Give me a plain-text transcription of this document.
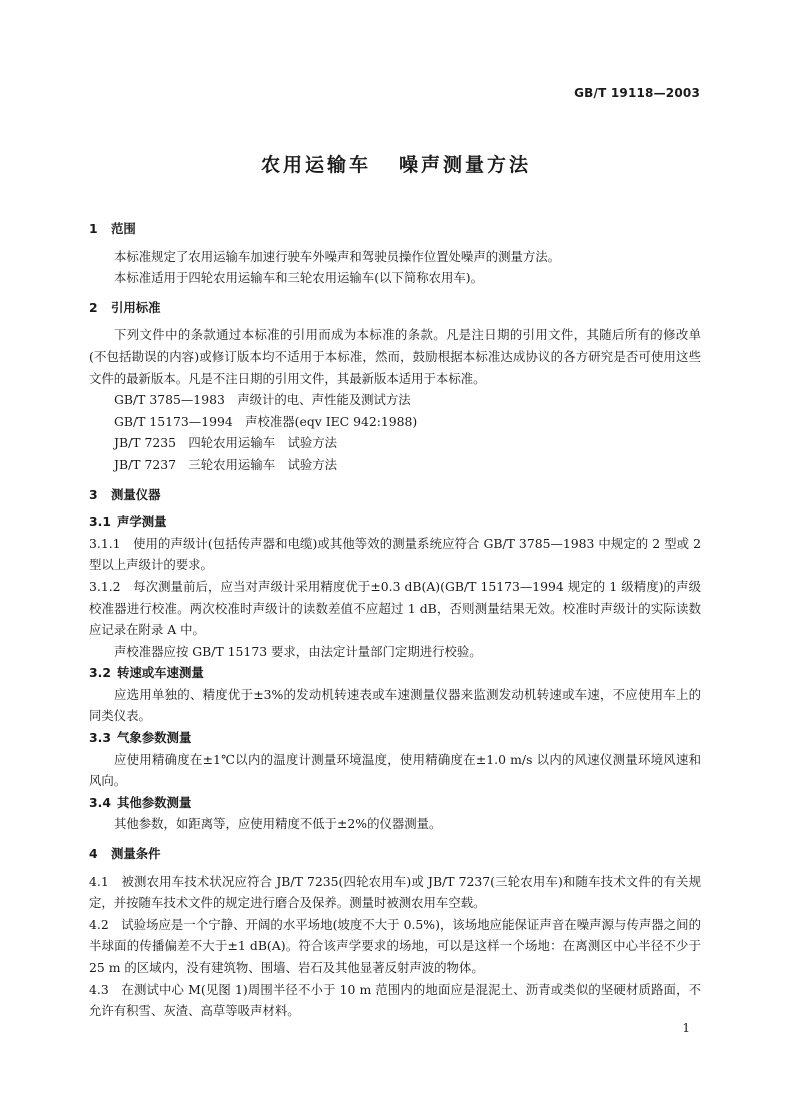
GB/T 19118—2003
农用运输车 噪声测量方法
1 范围

本标准规定了农用运输车加速行驶车外噪声和驾驶员操作位置处噪声的测量方法。

本标准适用于四轮农用运输车和三轮农用运输车(以下简称农用车)。

2 引用标准

下列文件中的条款通过本标准的引用而成为本标准的条款。凡是注日期的引用文件，其随后所有的修改单(不包括勘误的内容)或修订版本均不适用于本标准，然而，鼓励根据本标准达成协议的各方研究是否可使用这些文件的最新版本。凡是不注日期的引用文件，其最新版本适用于本标准。

GB/T 3785—1983　声级计的电、声性能及测试方法

GB/T 15173—1994　声校准器(eqv IEC 942:1988)

JB/T 7235　四轮农用运输车　试验方法

JB/T 7237　三轮农用运输车　试验方法

3 测量仪器
3.1 声学测量

3.1.1　 使用的声级计(包括传声器和电缆)或其他等效的测量系统应符合 GB/T 3785—1983 中规定的 2 型或 2 型以上声级计的要求。

3.1.2　 每次测量前后，应当对声级计采用精度优于±0.3 dB(A)(GB/T 15173—1994 规定的 1 级精度)的声级校准器进行校准。两次校准时声级计的读数差值不应超过 1 dB，否则测量结果无效。校准时声级计的实际读数应记录在附录 A 中。

声校准器应按 GB/T 15173 要求，由法定计量部门定期进行校验。

3.2 转速或车速测量

应选用单独的、精度优于±3%的发动机转速表或车速测量仪器来监测发动机转速或车速，不应使用车上的同类仪表。

3.3 气象参数测量

应使用精确度在±1℃以内的温度计测量环境温度，使用精确度在±1.0 m/s 以内的风速仪测量环境风速和风向。

3.4 其他参数测量

其他参数，如距离等，应使用精度不低于±2%的仪器测量。

4 测量条件

4.1　 被测农用车技术状况应符合 JB/T 7235(四轮农用车)或 JB/T 7237(三轮农用车)和随车技术文件的有关规定，并按随车技术文件的规定进行磨合及保养。测量时被测农用车空载。

4.2　 试验场应是一个宁静、开阔的水平场地(坡度不大于 0.5%)，该场地应能保证声音在噪声源与传声器之间的半球面的传播偏差不大于±1 dB(A)。符合该声学要求的场地，可以是这样一个场地：在离测区中心半径不少于 25 m 的区域内，没有建筑物、围墙、岩石及其他显著反射声波的物体。

4.3　 在测试中心 M(见图 1)周围半径不小于 10 m 范围内的地面应是混泥土、沥青或类似的坚硬材质路面，不允许有积雪、灰渣、高草等吸声材料。

1
